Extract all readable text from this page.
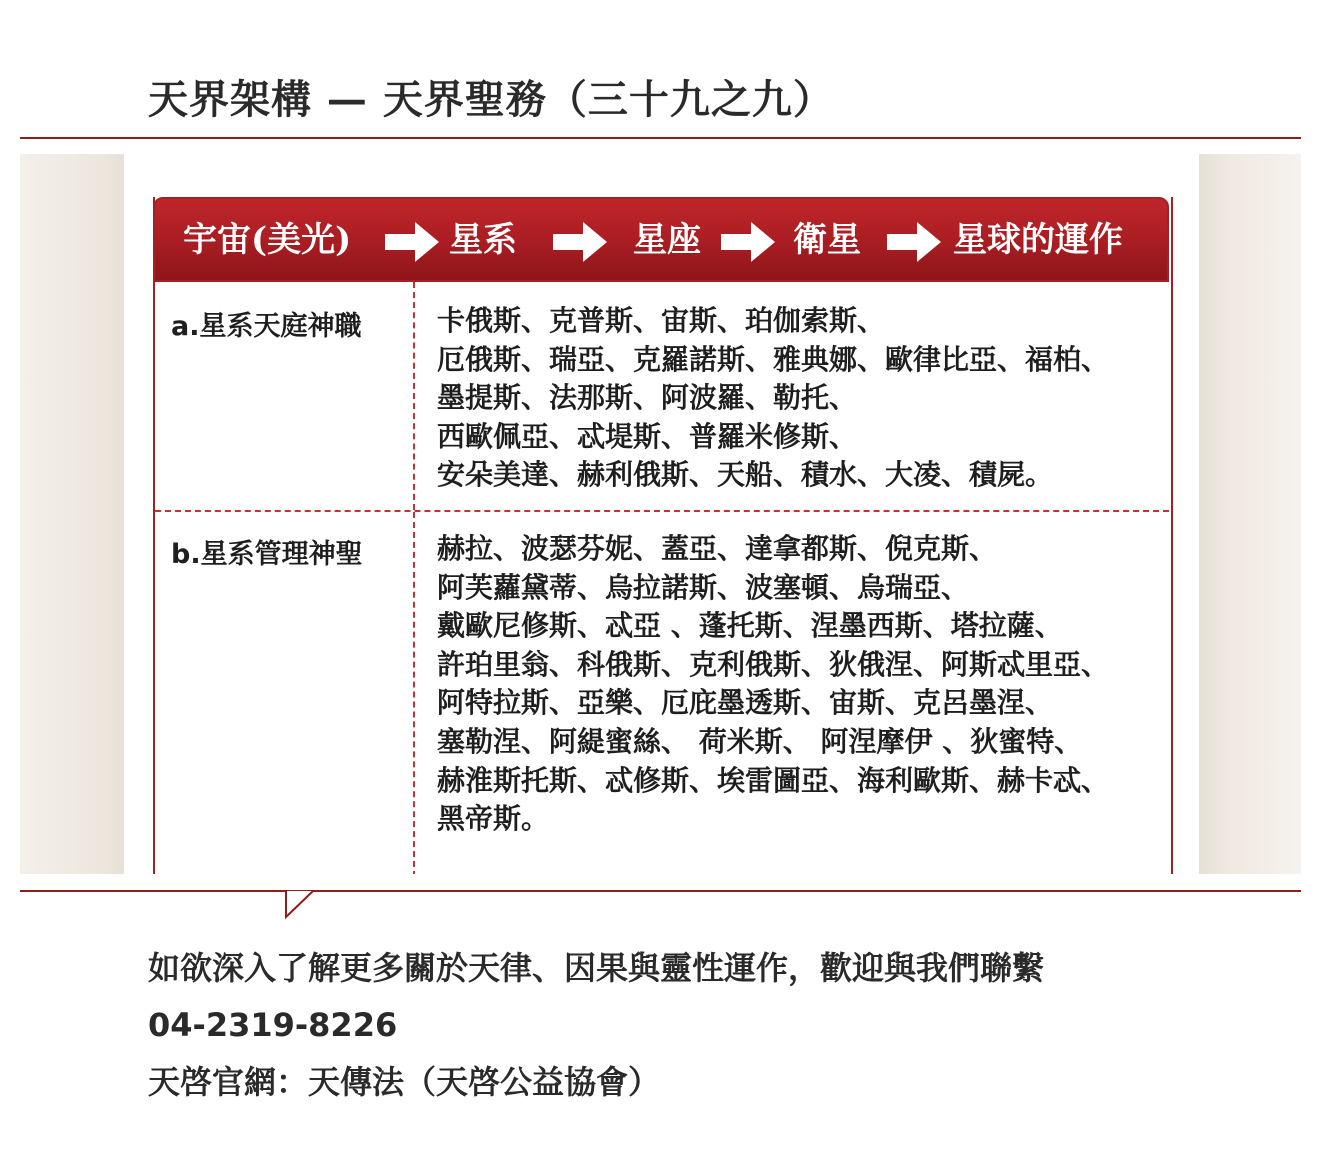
天界架構 — 天界聖務（三十九之九）
宇宙(美光)	星系	星座	衛星	星球的運作
a.星系天庭神職	卡俄斯、克普斯、宙斯、珀伽索斯、
厄俄斯、瑞亞、克羅諾斯、雅典娜、歐律比亞、福柏、
墨提斯、法那斯、阿波羅、勒托、
西歐佩亞、忒堤斯、普羅米修斯、
安朵美達、赫利俄斯、天船、積水、大凌、積屍。
b.星系管理神聖	赫拉、波瑟芬妮、蓋亞、達拿都斯、倪克斯、
阿芙蘿黛蒂、烏拉諾斯、波塞頓、烏瑞亞、
戴歐尼修斯、忒亞 、蓬托斯、涅墨西斯、塔拉薩、
許珀里翁、科俄斯、克利俄斯、狄俄涅、阿斯忒里亞、
阿特拉斯、亞樂、厄庇墨透斯、宙斯、克呂墨涅、
塞勒涅、阿緹蜜絲、 荷米斯、 阿涅摩伊 、狄蜜特、
赫淮斯托斯、忒修斯、埃雷圖亞、海利歐斯、赫卡忒、
黑帝斯。
如欲深入了解更多關於天律、因果與靈性運作，歡迎與我們聯繫
04-2319-8226
天啓官網：天傳法（天啓公益協會）
